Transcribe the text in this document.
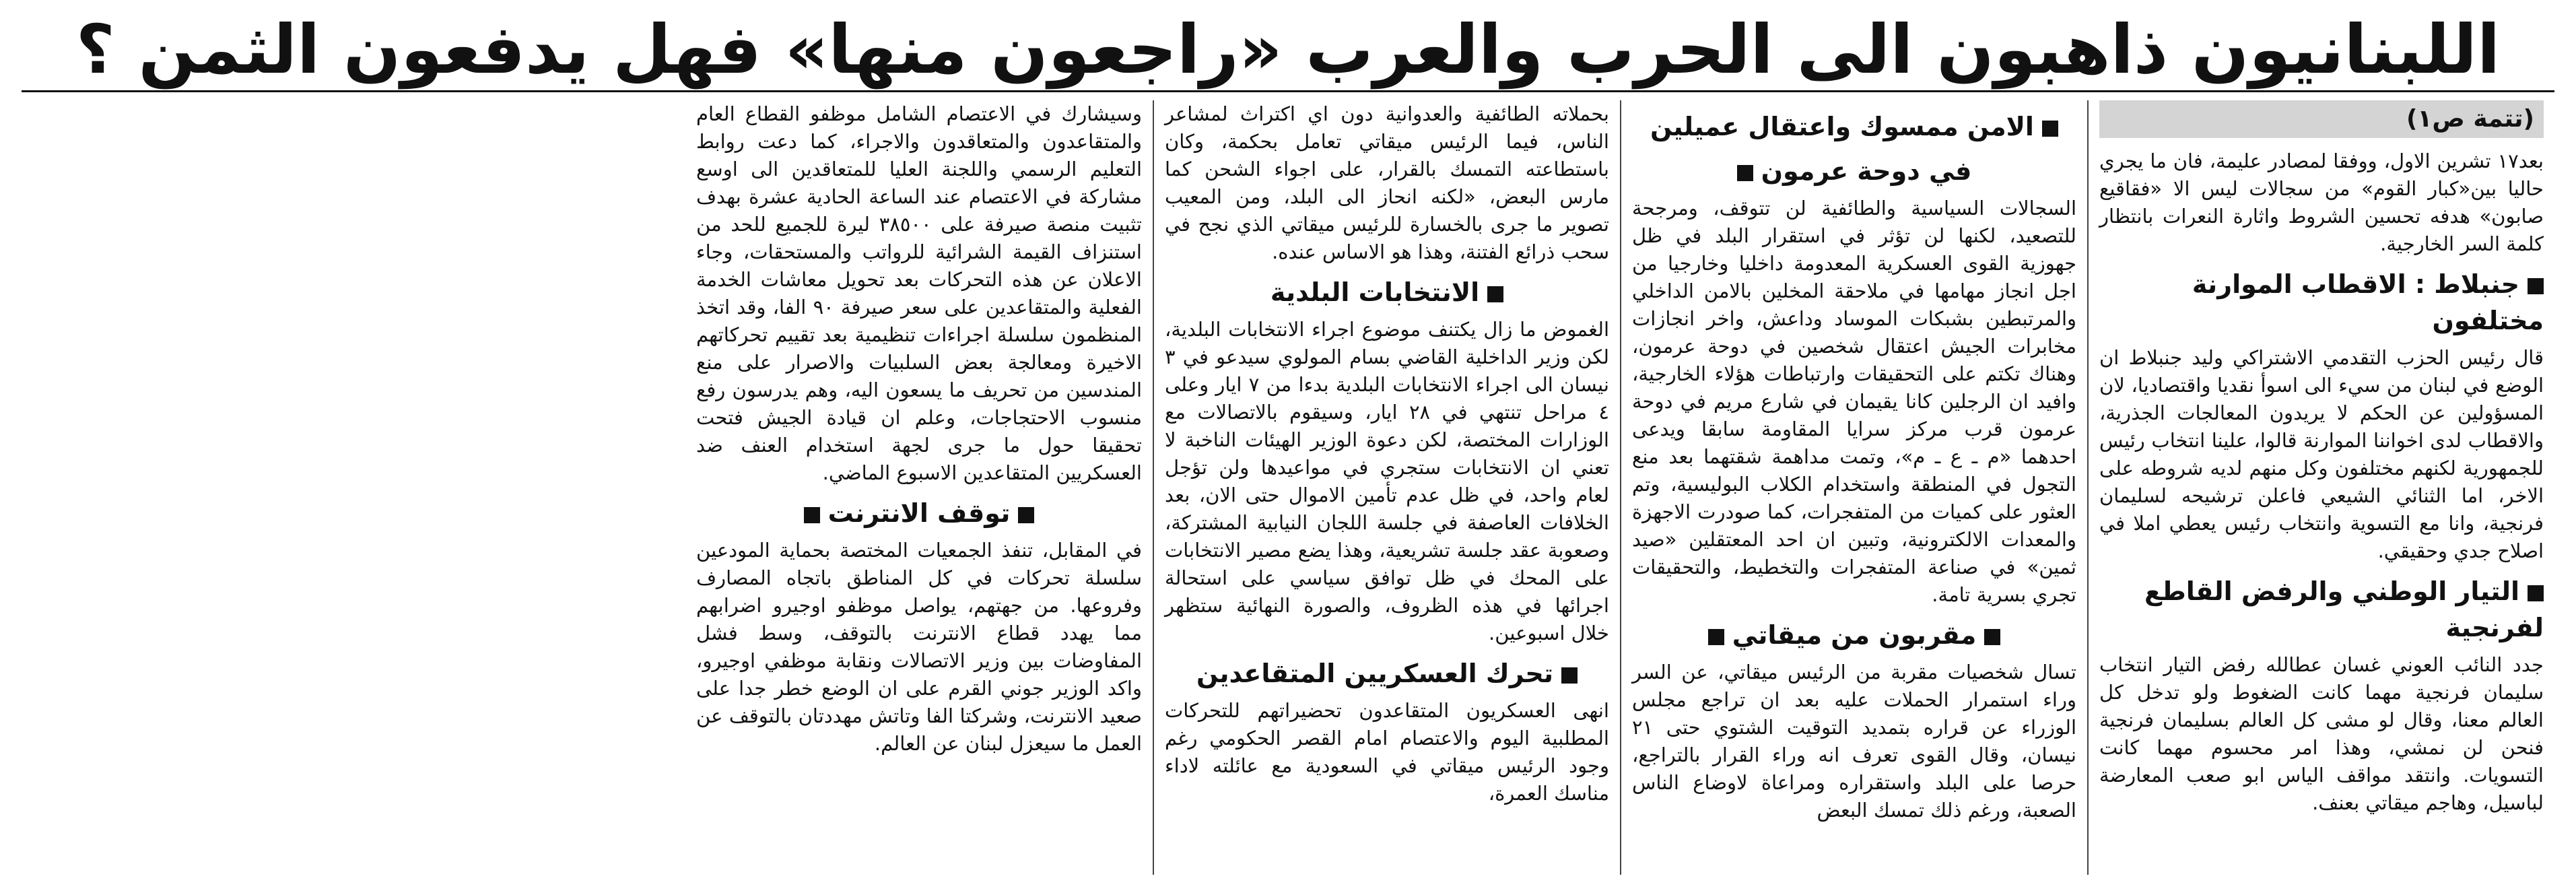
اللبنانيون ذاهبون الى الحرب والعرب «راجعون منها» فهل يدفعون الثمن ؟
(تتمة ص١)

بعد١٧ تشرين الاول، ووفقا لمصادر عليمة، فان ما يجري حاليا بين«كبار القوم» من سجالات ليس الا «فقاقيع صابون» هدفه تحسين الشروط واثارة النعرات بانتظار كلمة السر الخارجية.

جنبلاط : الاقطاب الموارنة مختلفون

قال رئيس الحزب التقدمي الاشتراكي وليد جنبلاط ان الوضع في لبنان من سيء الى اسوأ نقديا واقتصاديا، لان المسؤولين عن الحكم لا يريدون المعالجات الجذرية، والاقطاب لدى اخواننا الموارنة قالوا، علينا انتخاب رئيس للجمهورية لكنهم مختلفون وكل منهم لديه شروطه على الاخر، اما الثنائي الشيعي فاعلن ترشيحه لسليمان فرنجية، وانا مع التسوية وانتخاب رئيس يعطي املا في اصلاح جدي وحقيقي.

التيار الوطني والرفض القاطع لفرنجية

جدد النائب العوني غسان عطالله رفض التيار انتخاب سليمان فرنجية مهما كانت الضغوط ولو تدخل كل العالم معنا، وقال لو مشى كل العالم بسليمان فرنجية فنحن لن نمشي، وهذا امر محسوم مهما كانت التسويات. وانتقد مواقف الياس ابو صعب المعارضة لباسيل، وهاجم ميقاتي بعنف.

الامن ممسوك واعتقال عميلين
في دوحة عرمون

السجالات السياسية والطائفية لن تتوقف، ومرجحة للتصعيد، لكنها لن تؤثر في استقرار البلد في ظل جهوزية القوى العسكرية المعدومة داخليا وخارجيا من اجل انجاز مهامها في ملاحقة المخلين بالامن الداخلي والمرتبطين بشبكات الموساد وداعش، واخر انجازات مخابرات الجيش اعتقال شخصين في دوحة عرمون، وهناك تكتم على التحقيقات وارتباطات هؤلاء الخارجية، وافيد ان الرجلين كانا يقيمان في شارع مريم في دوحة عرمون قرب مركز سرايا المقاومة سابقا ويدعى احدهما «م ـ ع ـ م»، وتمت مداهمة شقتهما بعد منع التجول في المنطقة واستخدام الكلاب البوليسية، وتم العثور على كميات من المتفجرات، كما صودرت الاجهزة والمعدات الالكترونية، وتبين ان احد المعتقلين «صيد ثمين» في صناعة المتفجرات والتخطيط، والتحقيقات تجري بسرية تامة.

مقربون من ميقاتي

تسال شخصيات مقربة من الرئيس ميقاتي، عن السر وراء استمرار الحملات عليه بعد ان تراجع مجلس الوزراء عن قراره بتمديد التوقيت الشتوي حتى ٢١ نيسان، وقال القوى تعرف انه وراء القرار بالتراجع، حرصا على البلد واستقراره ومراعاة لاوضاع الناس الصعبة، ورغم ذلك تمسك البعض

بحملاته الطائفية والعدوانية دون اي اكتراث لمشاعر الناس، فيما الرئيس ميقاتي تعامل بحكمة، وكان باستطاعته التمسك بالقرار، على اجواء الشحن كما مارس البعض، «لكنه انحاز الى البلد، ومن المعيب تصوير ما جرى بالخسارة للرئيس ميقاتي الذي نجح في سحب ذرائع الفتنة، وهذا هو الاساس عنده.

الانتخابات البلدية

الغموض ما زال يكتنف موضوع اجراء الانتخابات البلدية، لكن وزير الداخلية القاضي بسام المولوي سيدعو في ٣ نيسان الى اجراء الانتخابات البلدية بدءا من ٧ ايار وعلى ٤ مراحل تنتهي في ٢٨ ايار، وسيقوم بالاتصالات مع الوزارات المختصة، لكن دعوة الوزير الهيئات الناخبة لا تعني ان الانتخابات ستجري في مواعيدها ولن تؤجل لعام واحد، في ظل عدم تأمين الاموال حتى الان، بعد الخلافات العاصفة في جلسة اللجان النيابية المشتركة، وصعوبة عقد جلسة تشريعية، وهذا يضع مصير الانتخابات على المحك في ظل توافق سياسي على استحالة اجرائها في هذه الظروف، والصورة النهائية ستظهر خلال اسبوعين.

تحرك العسكريين المتقاعدين

انهى العسكريون المتقاعدون تحضيراتهم للتحركات المطلبية اليوم والاعتصام امام القصر الحكومي رغم وجود الرئيس ميقاتي في السعودية مع عائلته لاداء مناسك العمرة،

وسيشارك في الاعتصام الشامل موظفو القطاع العام والمتقاعدون والمتعاقدون والاجراء، كما دعت روابط التعليم الرسمي واللجنة العليا للمتعاقدين الى اوسع مشاركة في الاعتصام عند الساعة الحادية عشرة بهدف تثبيت منصة صيرفة على ٣٨٥٠٠ ليرة للجميع للحد من استنزاف القيمة الشرائية للرواتب والمستحقات، وجاء الاعلان عن هذه التحركات بعد تحويل معاشات الخدمة الفعلية والمتقاعدين على سعر صيرفة ٩٠ الفا، وقد اتخذ المنظمون سلسلة اجراءات تنظيمية بعد تقييم تحركاتهم الاخيرة ومعالجة بعض السلبيات والاصرار على منع المندسين من تحريف ما يسعون اليه، وهم يدرسون رفع منسوب الاحتجاجات، وعلم ان قيادة الجيش فتحت تحقيقا حول ما جرى لجهة استخدام العنف ضد العسكريين المتقاعدين الاسبوع الماضي.

توقف الانترنت

في المقابل، تنفذ الجمعيات المختصة بحماية المودعين سلسلة تحركات في كل المناطق باتجاه المصارف وفروعها. من جهتهم، يواصل موظفو اوجيرو اضرابهم مما يهدد قطاع الانترنت بالتوقف، وسط فشل المفاوضات بين وزير الاتصالات ونقابة موظفي اوجيرو، واكد الوزير جوني القرم على ان الوضع خطر جدا على صعيد الانترنت، وشركتا الفا وتاتش مهددتان بالتوقف عن العمل ما سيعزل لبنان عن العالم.
